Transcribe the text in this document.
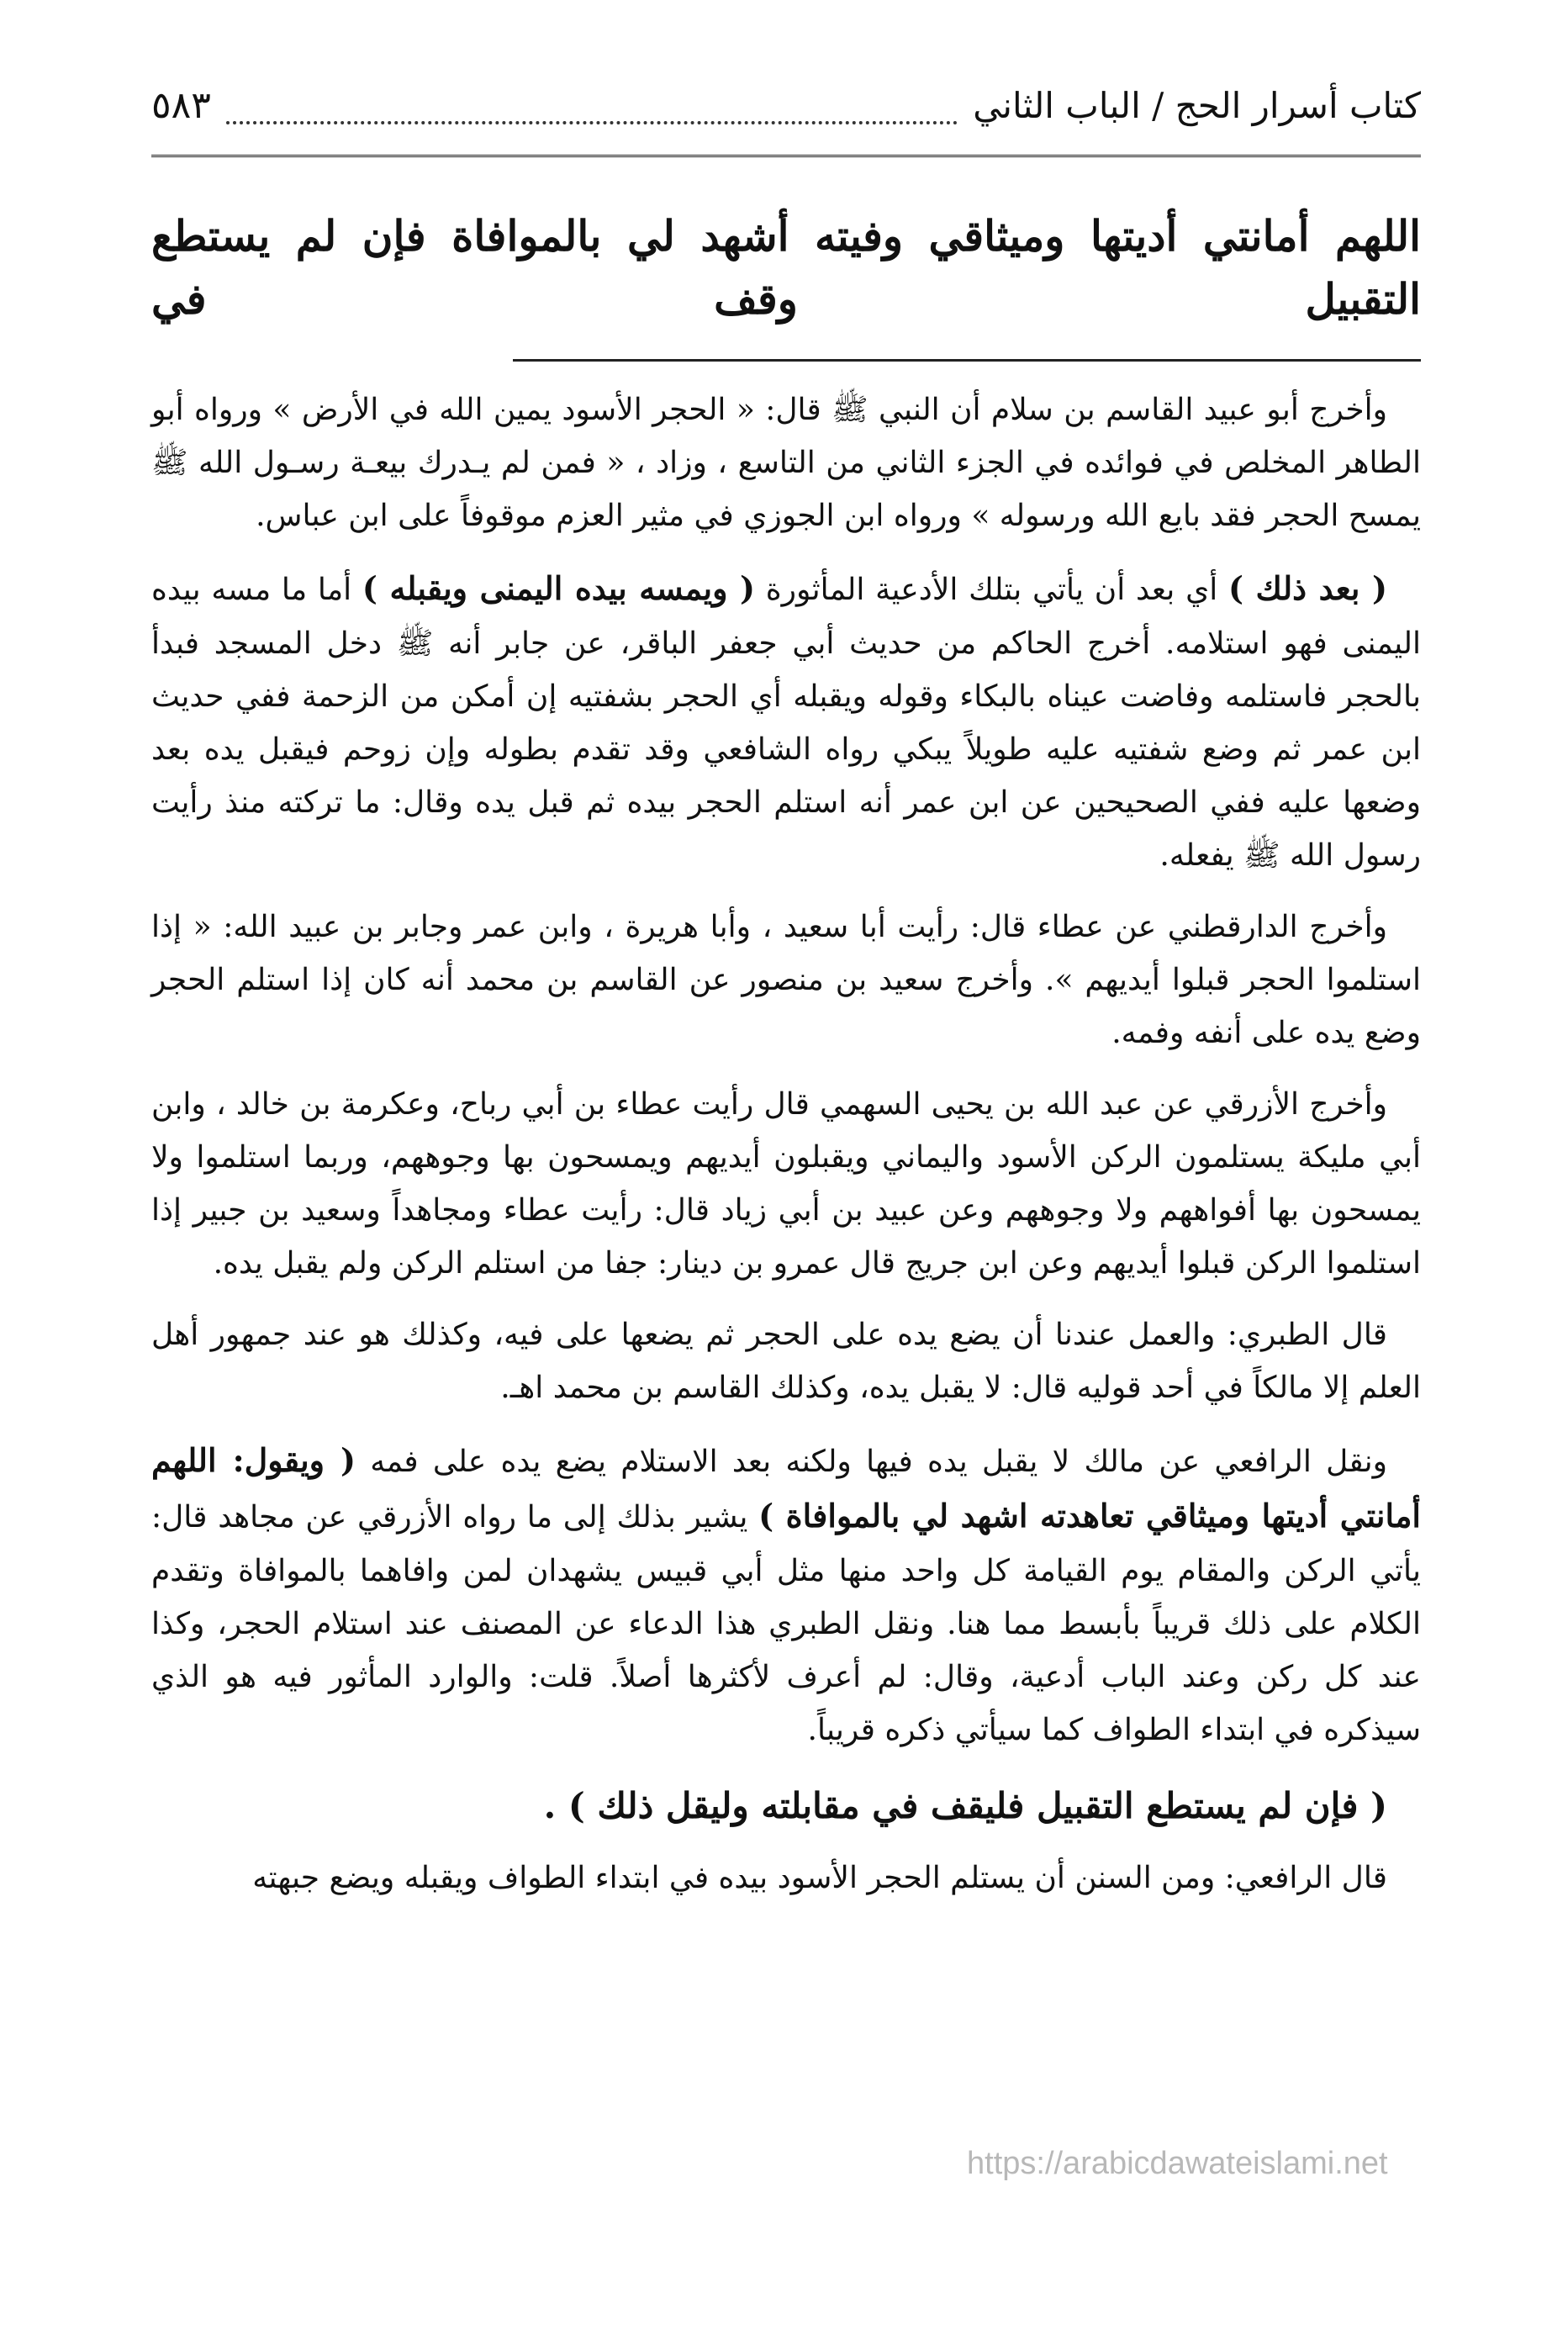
كتاب أسرار الحج / الباب الثاني
٥٨٣
اللهم أمانتي أديتها وميثاقي وفيته أشهد لي بالموافاة فإن لم يستطع التقبيل وقف في

وأخرج أبو عبيد القاسم بن سلام أن النبي ﷺ قال: « الحجر الأسود يمين الله في الأرض » ورواه أبو الطاهر المخلص في فوائده في الجزء الثاني من التاسع ، وزاد ، « فمن لم يـدرك بيعـة رسـول الله ﷺ يمسح الحجر فقد بايع الله ورسوله » ورواه ابن الجوزي في مثير العزم موقوفاً على ابن عباس.

( بعد ذلك ) أي بعد أن يأتي بتلك الأدعية المأثورة ( ويمسه بيده اليمنى ويقبله ) أما ما مسه بيده اليمنى فهو استلامه. أخرج الحاكم من حديث أبي جعفر الباقر، عن جابر أنه ﷺ دخل المسجد فبدأ بالحجر فاستلمه وفاضت عيناه بالبكاء وقوله ويقبله أي الحجر بشفتيه إن أمكن من الزحمة ففي حديث ابن عمر ثم وضع شفتيه عليه طويلاً يبكي رواه الشافعي وقد تقدم بطوله وإن زوحم فيقبل يده بعد وضعها عليه ففي الصحيحين عن ابن عمر أنه استلم الحجر بيده ثم قبل يده وقال: ما تركته منذ رأيت رسول الله ﷺ يفعله.

وأخرج الدارقطني عن عطاء قال: رأيت أبا سعيد ، وأبا هريرة ، وابن عمر وجابر بن عبيد الله: « إذا استلموا الحجر قبلوا أيديهم ». وأخرج سعيد بن منصور عن القاسم بن محمد أنه كان إذا استلم الحجر وضع يده على أنفه وفمه.

وأخرج الأزرقي عن عبد الله بن يحيى السهمي قال رأيت عطاء بن أبي رباح، وعكرمة بن خالد ، وابن أبي مليكة يستلمون الركن الأسود واليماني ويقبلون أيديهم ويمسحون بها وجوههم، وربما استلموا ولا يمسحون بها أفواههم ولا وجوههم وعن عبيد بن أبي زياد قال: رأيت عطاء ومجاهداً وسعيد بن جبير إذا استلموا الركن قبلوا أيديهم وعن ابن جريج قال عمرو بن دينار: جفا من استلم الركن ولم يقبل يده.

قال الطبري: والعمل عندنا أن يضع يده على الحجر ثم يضعها على فيه، وكذلك هو عند جمهور أهل العلم إلا مالكاً في أحد قوليه قال: لا يقبل يده، وكذلك القاسم بن محمد اهـ.

ونقل الرافعي عن مالك لا يقبل يده فيها ولكنه بعد الاستلام يضع يده على فمه ( ويقول: اللهم أمانتي أديتها وميثاقي تعاهدته اشهد لي بالموافاة ) يشير بذلك إلى ما رواه الأزرقي عن مجاهد قال: يأتي الركن والمقام يوم القيامة كل واحد منها مثل أبي قبيس يشهدان لمن وافاهما بالموافاة وتقدم الكلام على ذلك قريباً بأبسط مما هنا. ونقل الطبري هذا الدعاء عن المصنف عند استلام الحجر، وكذا عند كل ركن وعند الباب أدعية، وقال: لم أعرف لأكثرها أصلاً. قلت: والوارد المأثور فيه هو الذي سيذكره في ابتداء الطواف كما سيأتي ذكره قريباً.

( فإن لم يستطع التقبيل فليقف في مقابلته وليقل ذلك ) .

قال الرافعي: ومن السنن أن يستلم الحجر الأسود بيده في ابتداء الطواف ويقبله ويضع جبهته

https://arabicdawateislami.net
